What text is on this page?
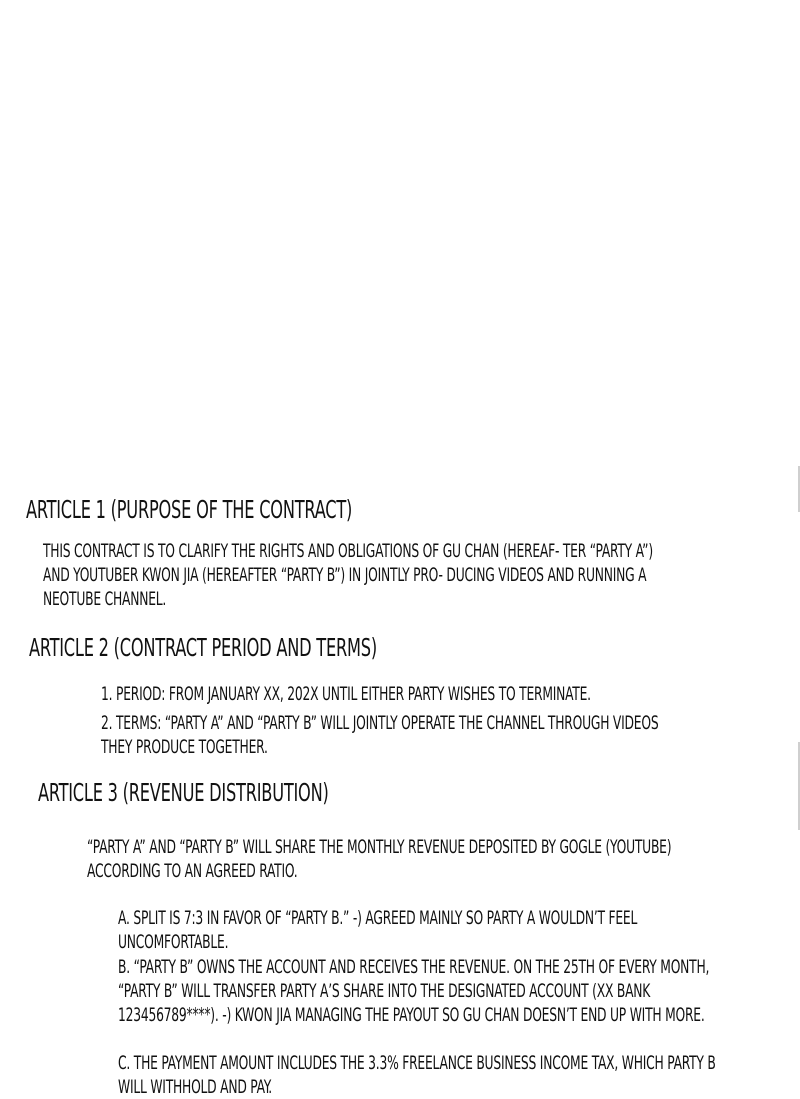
ARTICLE 1 (PURPOSE OF THE CONTRACT)
THIS CONTRACT IS TO CLARIFY THE RIGHTS AND OBLIGATIONS OF GU CHAN (HEREAF- TER “PARTY A”) AND YOUTUBER KWON JIA (HEREAFTER “PARTY B”) IN JOINTLY PRO- DUCING VIDEOS AND RUNNING A NEOTUBE CHANNEL.
ARTICLE 2 (CONTRACT PERIOD AND TERMS)
1. PERIOD: FROM JANUARY XX, 202X UNTIL EITHER PARTY WISHES TO TERMINATE.
2. TERMS: “PARTY A” AND “PARTY B” WILL JOINTLY OPERATE THE CHANNEL THROUGH VIDEOS THEY PRODUCE TOGETHER.
ARTICLE 3 (REVENUE DISTRIBUTION)
“PARTY A” AND “PARTY B” WILL SHARE THE MONTHLY REVENUE DEPOSITED BY GOGLE (YOUTUBE) ACCORDING TO AN AGREED RATIO.
A. SPLIT IS 7:3 IN FAVOR OF “PARTY B.” -) AGREED MAINLY SO PARTY A WOULDN’T FEEL UNCOMFORTABLE.
B. “PARTY B” OWNS THE ACCOUNT AND RECEIVES THE REVENUE. ON THE 25TH OF EVERY MONTH, “PARTY B” WILL TRANSFER PARTY A’S SHARE INTO THE DESIGNATED ACCOUNT (XX BANK 123456789****). -) KWON JIA MANAGING THE PAYOUT SO GU CHAN DOESN’T END UP WITH MORE.
C. THE PAYMENT AMOUNT INCLUDES THE 3.3% FREELANCE BUSINESS INCOME TAX, WHICH PARTY B WILL WITHHOLD AND PAY.
